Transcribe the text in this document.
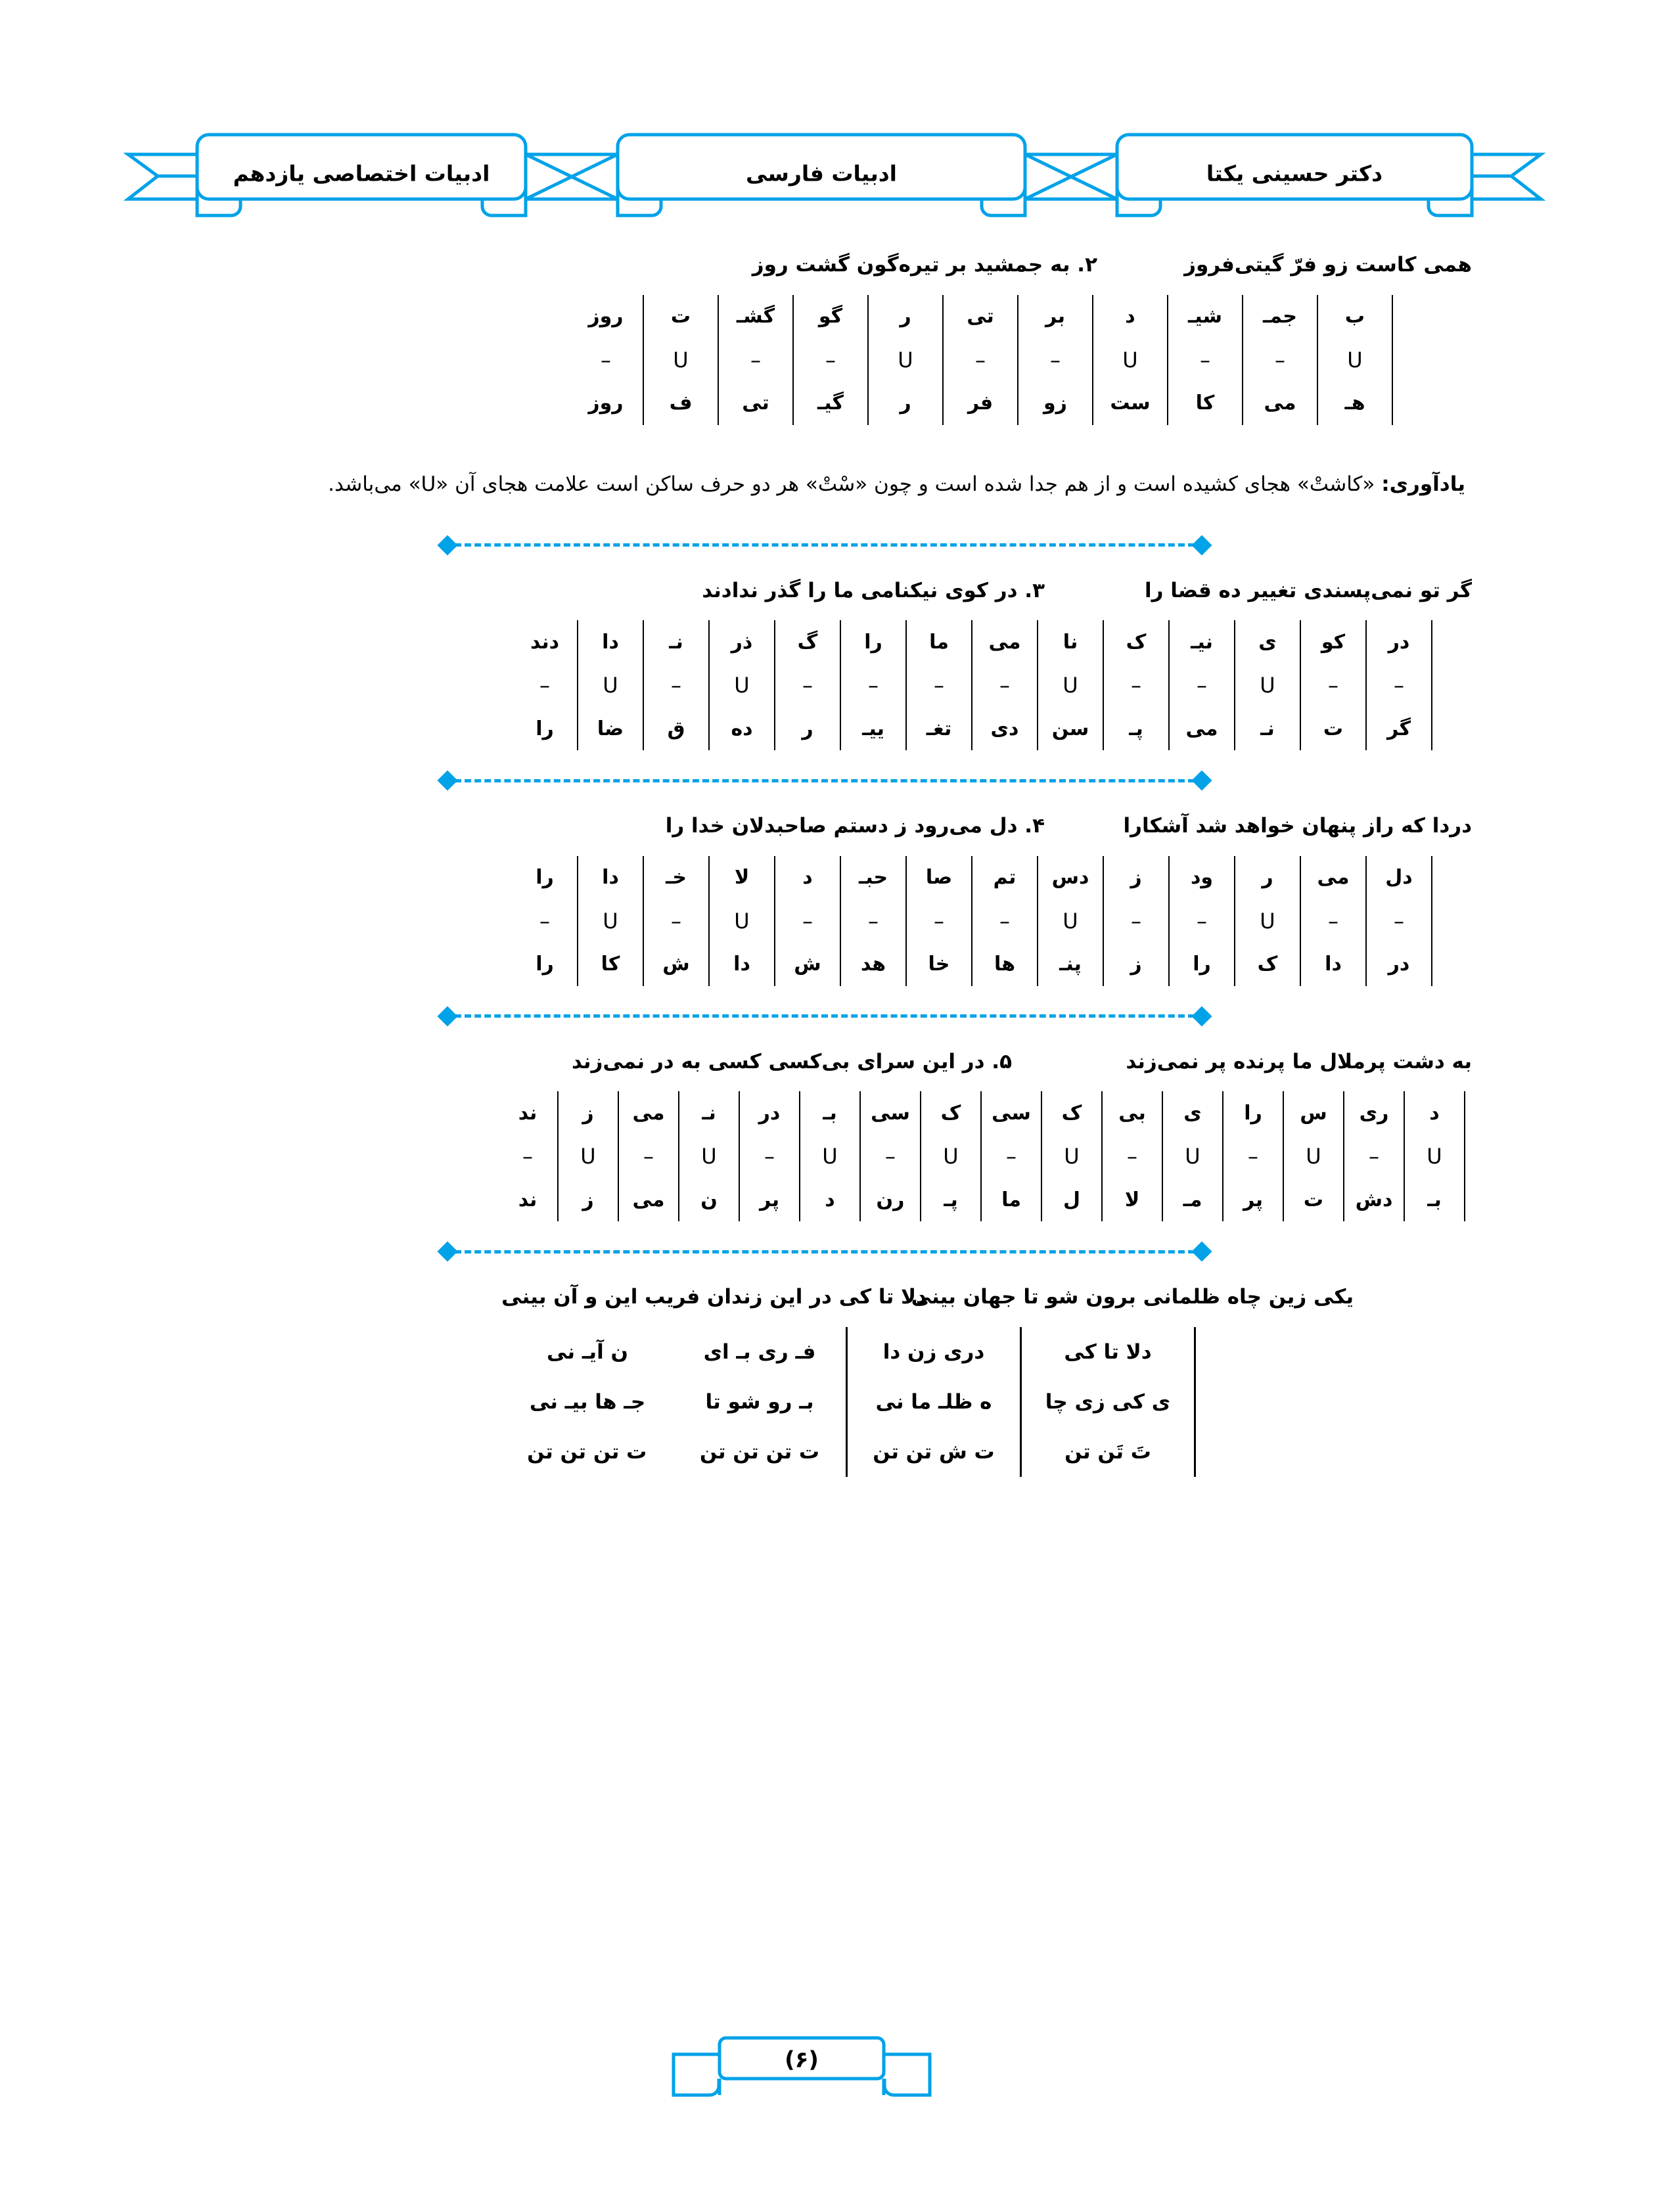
ادبیات اختصاصی یازدهم	ادبیات فارسی	دکتر حسینی یکتا
همی کاست زو فرّ گیتی‌فروز
۲. به جمشید بر تیره‌گون گشت روز
ب	جمـ	شیـ	د	بر	تی	ر	گو	گشـ	ت	روز
U	–	–	U	–	–	U	–	–	U	–
هـ	می	کا	ست	زو	فر	ر	گیـ	تی	ف	روز
یادآوری: «کاشتْ» هجای کشیده است و از هم جدا شده است و چون «سْتْ» هر دو حرف ساکن است علامت هجای آن «U» می‌باشد.
گر تو نمی‌پسندی تغییر ده قضا را
۳. در کوی نیکنامی ما را گذر ندادند
در	کو	ی	نیـ	ک	نا	می	ما	را	گ	ذر	نـ	دا	دند
–	–	U	–	–	U	–	–	–	–	U	–	U	–
گر	ت	نـ	می	پـ	سن	دی	تغـ	ییـ	ر	ده	ق	ضا	را
دردا که راز پنهان خواهد شد آشکارا
۴. دل می‌رود ز دستم صاحبدلان خدا را
دل	می	ر	ود	ز	دس	تم	صا	حبـ	د	لا	خـ	دا	را
–	–	U	–	–	U	–	–	–	–	U	–	U	–
در	دا	ک	را	ز	پنـ	ها	خا	هد	ش	دا	ش	کا	را
به دشت پرملال ما پرنده پر نمی‌زند
۵. در این سرای بی‌کسی کسی به در نمی‌زند
د	ری	س	را	ی	بی	ک	سی	ک	سی	بـ	در	نـ	می	ز	ند
U	–	U	–	U	–	U	–	U	–	U	–	U	–	U	–
بـ	دش	ت	پر	مـ	لا	ل	ما	پـ	رن	د	پر	ن	می	ز	ند
یکی زین چاه ظلمانی برون شو تا جهان بینی
دلا تا کی در این زندان فریب این و آن بینی
دلا تا کی	دری زن دا	فـ ری بـ ای	ن آیـ نی
ی کی زی چا	ه ظلـ ما نی	بـ رو شو تا	جـ ها بیـ نی
تَ تَن تن	ت ش تن تن	ت تن تن تن	ت تن تن تن
(۶)
